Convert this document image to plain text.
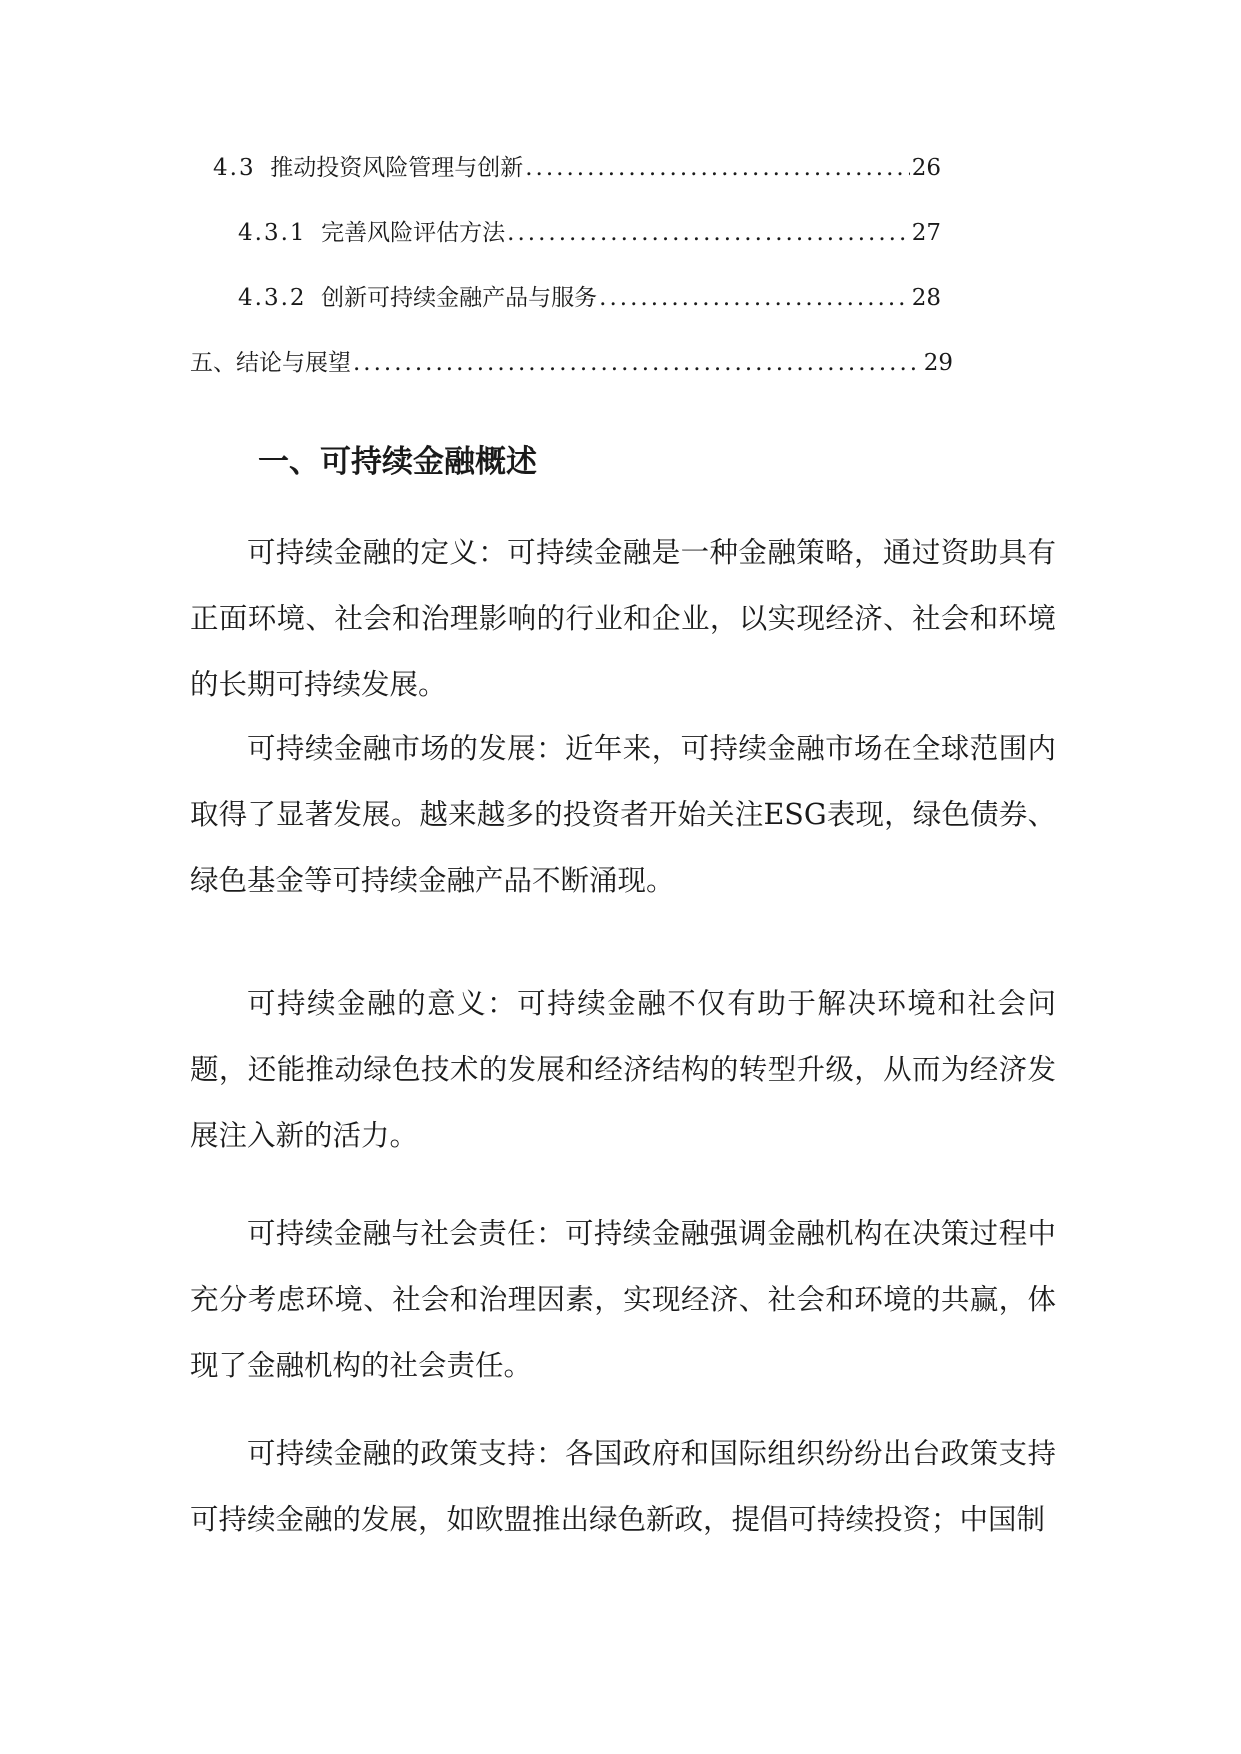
4.3 推动投资风险管理与创新 .....	26
4.3.1 完善风险评估方法 .....	27
4.3.2 创新可持续金融产品与服务 .....	28
五、结论与展望 .....	29
一、可持续金融概述

可持续金融的定义：可持续金融是一种金融策略，通过资助具有正面环境、社会和治理影响的行业和企业，以实现经济、社会和环境的长期可持续发展。

可持续金融市场的发展：近年来，可持续金融市场在全球范围内取得了显著发展。越来越多的投资者开始关注ESG表现，绿色债券、绿色基金等可持续金融产品不断涌现。

可持续金融的意义：可持续金融不仅有助于解决环境和社会问题，还能推动绿色技术的发展和经济结构的转型升级，从而为经济发展注入新的活力。

可持续金融与社会责任：可持续金融强调金融机构在决策过程中充分考虑环境、社会和治理因素，实现经济、社会和环境的共赢，体现了金融机构的社会责任。

可持续金融的政策支持：各国政府和国际组织纷纷出台政策支持可持续金融的发展，如欧盟推出绿色新政，提倡可持续投资；中国制
